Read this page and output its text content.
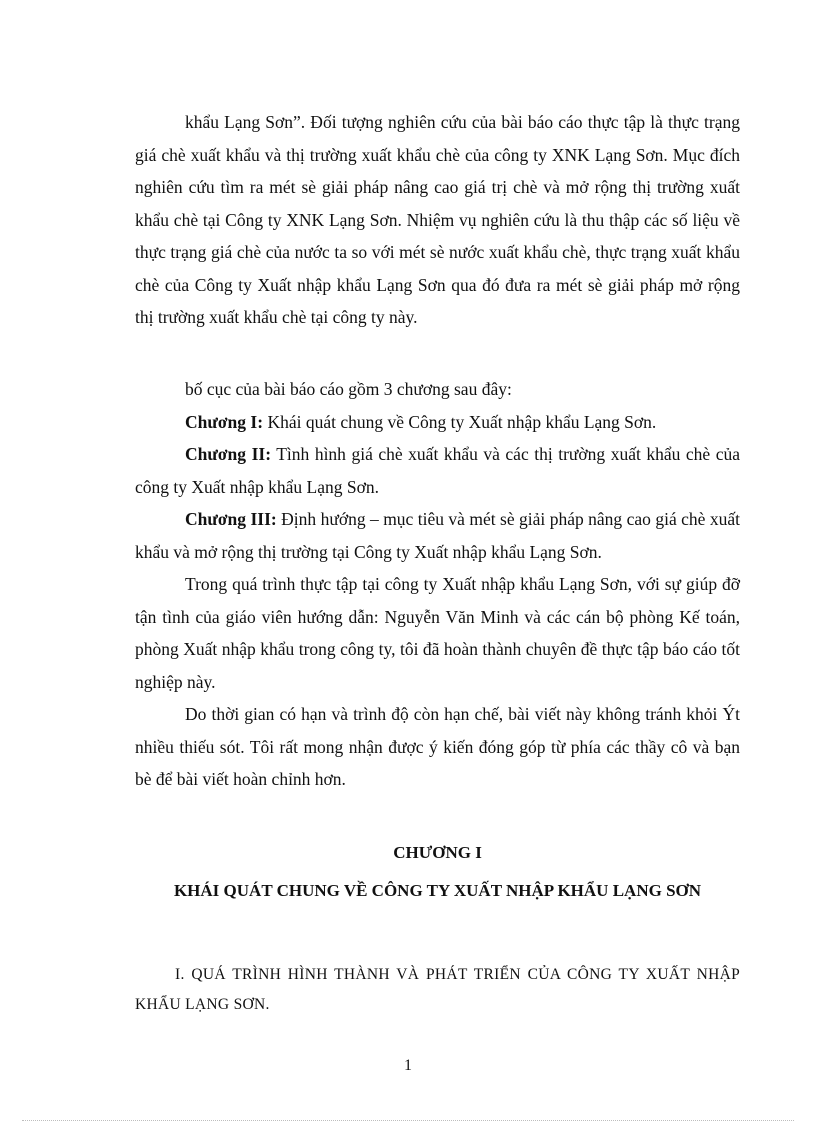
khẩu Lạng Sơn”. Đối tượng nghiên cứu của bài báo cáo thực tập là thực trạng giá chè xuất khẩu và thị trường xuất khẩu chè của công ty XNK Lạng Sơn. Mục đích nghiên cứu tìm ra mét sè giải pháp nâng cao giá trị chè và mở rộng thị trường xuất khẩu chè tại Công ty XNK Lạng Sơn. Nhiệm vụ nghiên cứu là thu thập các số liệu về thực trạng giá chè của nước ta so với mét sè nước xuất khẩu chè, thực trạng xuất khẩu chè của Công ty Xuất nhập khẩu Lạng Sơn qua đó đưa ra mét sè giải pháp mở rộng thị trường xuất khẩu chè tại công ty này.

bố cục của bài báo cáo gồm 3 chương sau đây:

Chương I: Khái quát chung về Công ty Xuất nhập khẩu Lạng Sơn.

Chương II: Tình hình giá chè xuất khẩu và các thị trường xuất khẩu chè của công ty Xuất nhập khẩu Lạng Sơn.

Chương III: Định hướng – mục tiêu và mét sè giải pháp nâng cao giá chè xuất khẩu và mở rộng thị trường tại Công ty Xuất nhập khẩu Lạng Sơn.

Trong quá trình thực tập tại công ty Xuất nhập khẩu Lạng Sơn, với sự giúp đỡ tận tình của giáo viên hướng dẫn: Nguyễn Văn Minh và các cán bộ phòng Kế toán, phòng Xuất nhập khẩu trong công ty, tôi đã hoàn thành chuyên đề thực tập báo cáo tốt nghiệp này.

Do thời gian có hạn và trình độ còn hạn chế, bài viết này không tránh khỏi Ýt nhiều thiếu sót. Tôi rất mong nhận được ý kiến đóng góp từ phía các thầy cô và bạn bè để bài viết hoàn chỉnh hơn.

CHƯƠNG I

KHÁI QUÁT CHUNG VỀ CÔNG TY XUẤT NHẬP KHẨU LẠNG SƠN

I. QUÁ TRÌNH HÌNH THÀNH VÀ PHÁT TRIỂN CỦA CÔNG TY XUẤT NHẬP KHẨU LẠNG SƠN.

1
